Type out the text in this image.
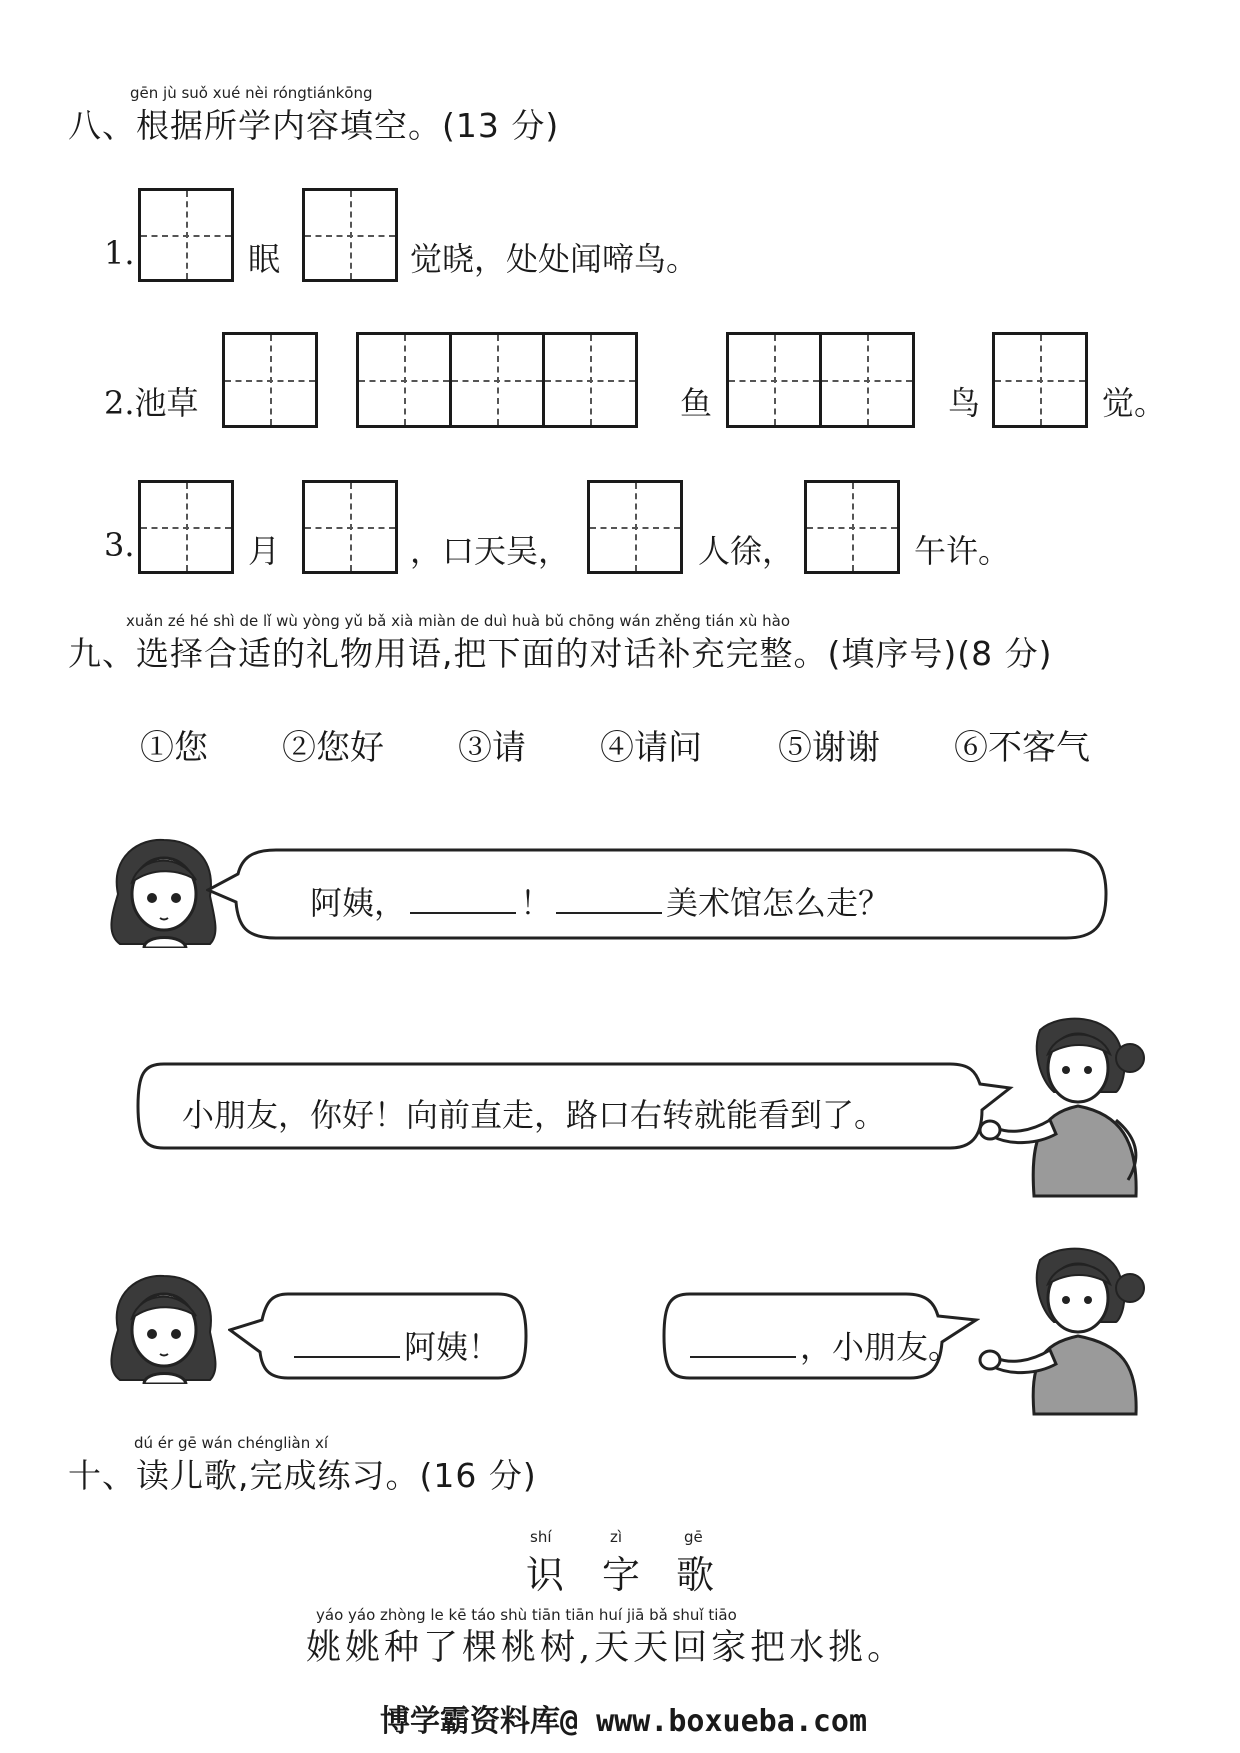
gēn jù suǒ xué nèi róngtiánkōng
八、根据所学内容填空。(13 分)
1.	眠	觉晓，处处闻啼鸟。
2.池草	鱼	鸟	觉。
3.	月	，口天吴，	人徐，	午许。
xuǎn zé hé shì de lǐ wù yòng yǔ bǎ xià miàn de duì huà bǔ chōng wán zhěng tián xù hào
九、选择合适的礼物用语,把下面的对话补充完整。(填序号)(8 分)
①您 ②您好 ③请 ④请问 ⑤谢谢 ⑥不客气
阿姨，	！	美术馆怎么走？
小朋友，你好！向前直走，路口右转就能看到了。
阿姨！	，小朋友。
dú ér gē wán chéngliàn xí
十、读儿歌,完成练习。(16 分)
shí	zì	gē
识 字 歌
yáo yáo zhòng le kē táo shù tiān tiān huí jiā bǎ shuǐ tiāo
姚姚种了棵桃树,天天回家把水挑。
博学霸资料库@ www.boxueba.com
